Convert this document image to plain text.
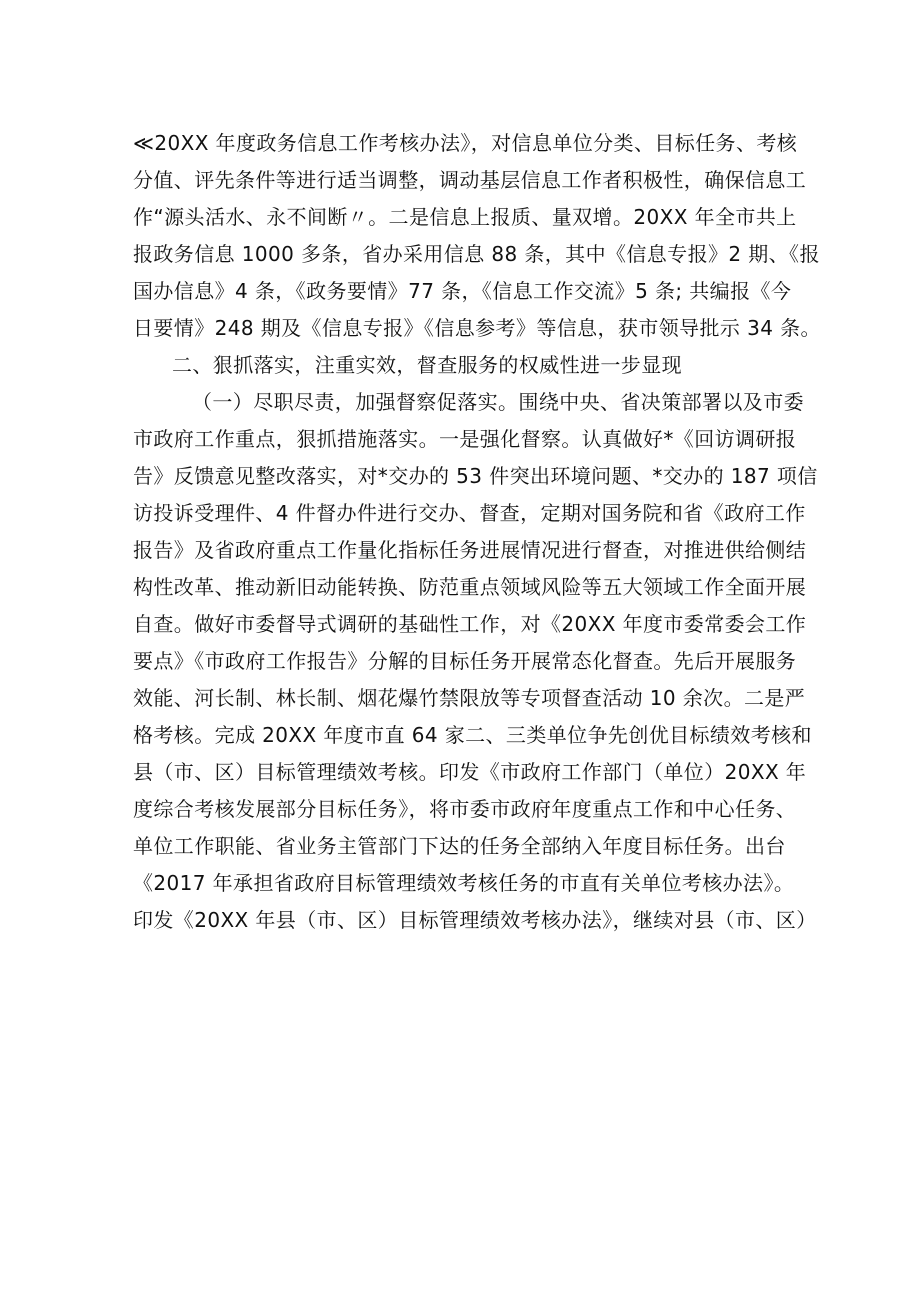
≪20XX 年度政务信息工作考核办法》，对信息单位分类、目标任务、考核
分值、评先条件等进行适当调整，调动基层信息工作者积极性，确保信息工
作“源头活水、永不间断〃。二是信息上报质、量双增。20XX 年全市共上
报政务信息 1000 多条，省办采用信息 88 条，其中《信息专报》2 期、《报
国办信息》4 条，《政务要情》77 条，《信息工作交流》5 条; 共编报《今
日要情》248 期及《信息专报》《信息参考》等信息，获市领导批示 34 条。
二、狠抓落实，注重实效，督查服务的权威性进一步显现
（一）尽职尽责，加强督察促落实。围绕中央、省决策部署以及市委
市政府工作重点，狠抓措施落实。一是强化督察。认真做好*《回访调研报
告》反馈意见整改落实，对*交办的 53 件突出环境问题、*交办的 187 项信
访投诉受理件、4 件督办件进行交办、督查，定期对国务院和省《政府工作
报告》及省政府重点工作量化指标任务进展情况进行督查，对推进供给侧结
构性改革、推动新旧动能转换、防范重点领域风险等五大领域工作全面开展
自查。做好市委督导式调研的基础性工作，对《20XX 年度市委常委会工作
要点》《市政府工作报告》分解的目标任务开展常态化督查。先后开展服务
效能、河长制、林长制、烟花爆竹禁限放等专项督查活动 10 余次。二是严
格考核。完成 20XX 年度市直 64 家二、三类单位争先创优目标绩效考核和
县（市、区）目标管理绩效考核。印发《市政府工作部门（单位）20XX 年
度综合考核发展部分目标任务》，将市委市政府年度重点工作和中心任务、
单位工作职能、省业务主管部门下达的任务全部纳入年度目标任务。出台
《2017 年承担省政府目标管理绩效考核任务的市直有关单位考核办法》。
印发《20XX 年县（市、区）目标管理绩效考核办法》，继续对县（市、区）
